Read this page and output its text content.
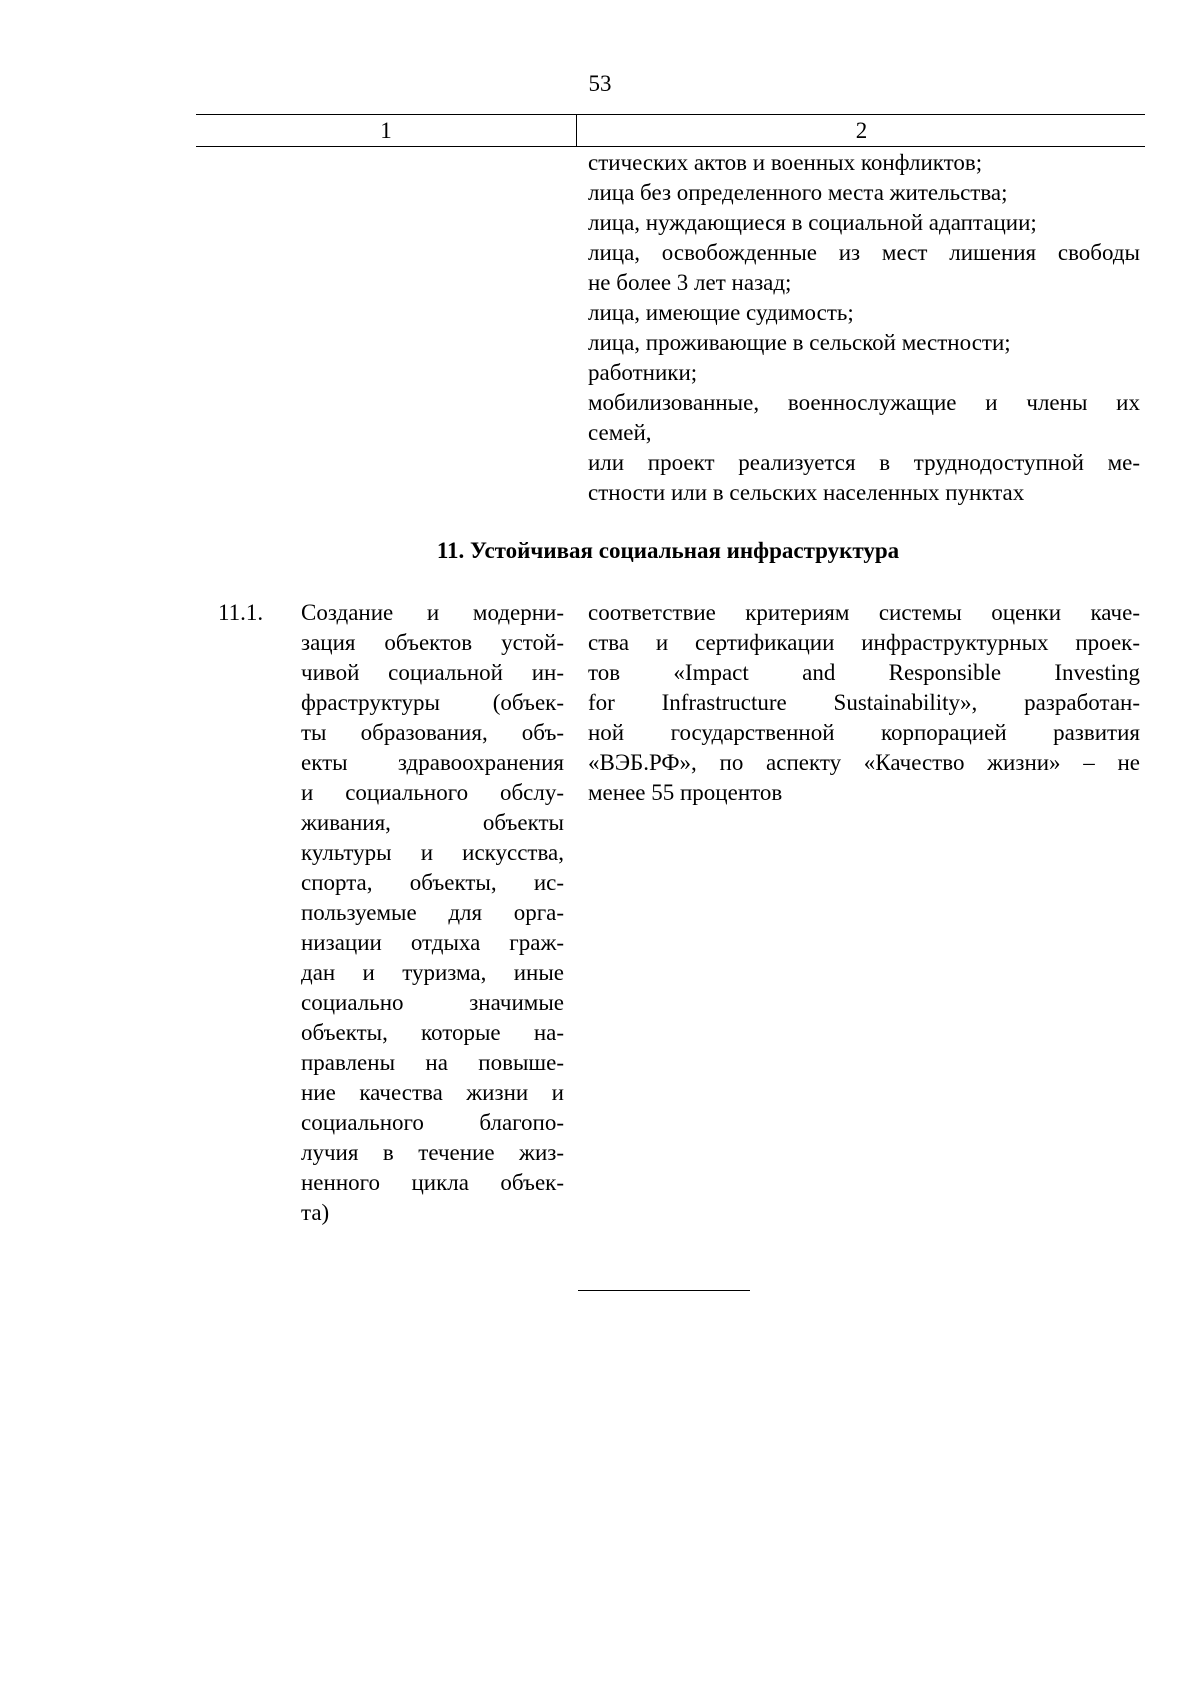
53
1	2
стических актов и военных конфликтов;
лица без определенного места жительства;
лица, нуждающиеся в социальной адаптации;
лица, освобожденные из мест лишения свободы
не более 3 лет назад;
лица, имеющие судимость;
лица, проживающие в сельской местности;
работники;
мобилизованные, военнослужащие и члены их
семей,
или проект реализуется в труднодоступной ме-
стности или в сельских населенных пунктах
11. Устойчивая социальная инфраструктура
11.1. Создание и модерни-
зация объектов устой-
чивой социальной ин-
фраструктуры (объек-
ты образования, объ-
екты здравоохранения
и социального обслу-
живания, объекты
культуры и искусства,
спорта, объекты, ис-
пользуемые для орга-
низации отдыха граж-
дан и туризма, иные
социально значимые
объекты, которые на-
правлены на повыше-
ние качества жизни и
социального благопо-
лучия в течение жиз-
ненного цикла объек-
та)
соответствие критериям системы оценки каче-
ства и сертификации инфраструктурных проек-
тов «Impact and Responsible Investing
for Infrastructure Sustainability», разработан-
ной государственной корпорацией развития
«ВЭБ.РФ», по аспекту «Качество жизни» – не
менее 55 процентов
